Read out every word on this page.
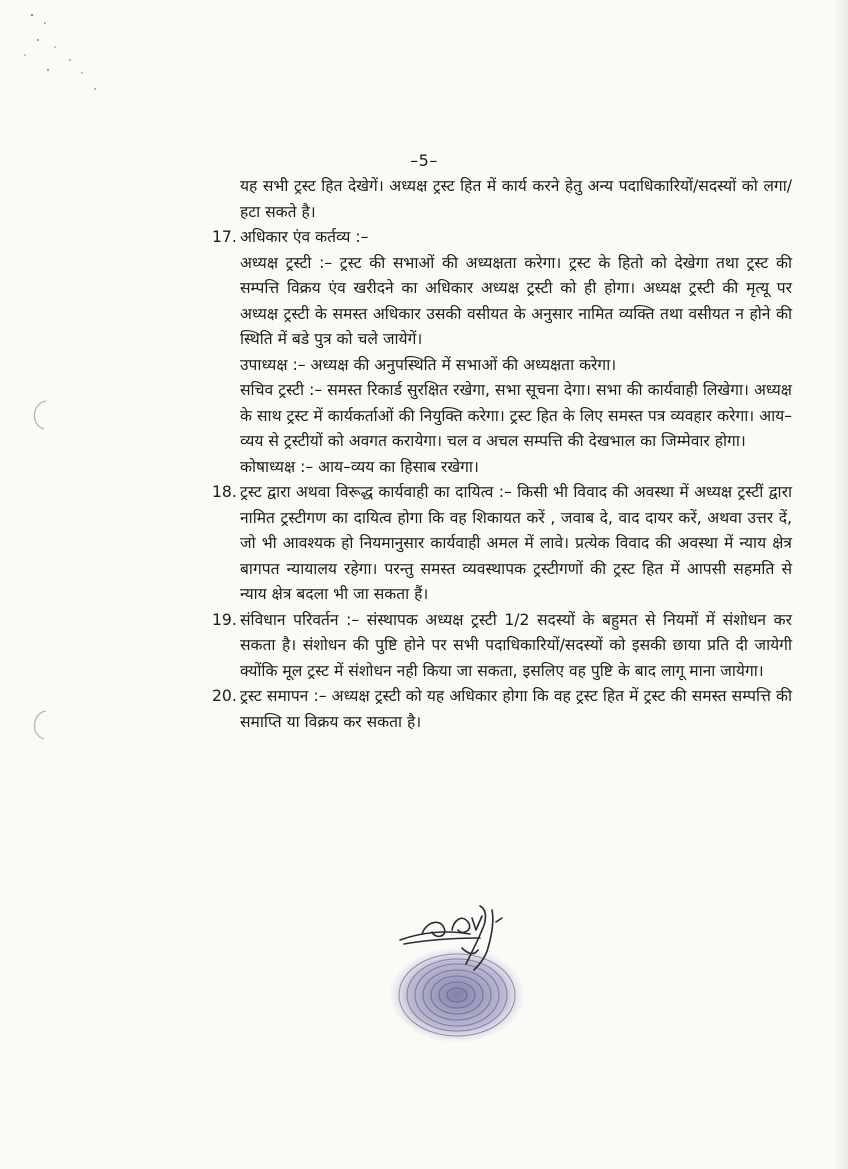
–5–

यह सभी ट्रस्ट हित देखेगें। अध्यक्ष ट्रस्ट हित में कार्य करने हेतु अन्य पदाधिकारियों/सदस्यों को लगा/हटा सकते है।

17. अधिकार एंव कर्तव्य :–
अध्यक्ष ट्रस्टी :– ट्रस्ट की सभाओं की अध्यक्षता करेगा। ट्रस्ट के हितो को देखेगा तथा ट्रस्ट की सम्पत्ति विक्रय एंव खरीदने का अधिकार अध्यक्ष ट्रस्टी को ही होगा। अध्यक्ष ट्रस्टी की मृत्यू पर अध्यक्ष ट्रस्टी के समस्त अधिकार उसकी वसीयत के अनुसार नामित व्यक्ति तथा वसीयत न होने की स्थिति में बडे पुत्र को चले जायेगें।
उपाध्यक्ष :– अध्यक्ष की अनुपस्थिति में सभाओं की अध्यक्षता करेगा।
सचिव ट्रस्टी :– समस्त रिकार्ड सुरक्षित रखेगा, सभा सूचना देगा। सभा की कार्यवाही लिखेगा। अध्यक्ष के साथ ट्रस्ट में कार्यकर्ताओं की नियुक्ति करेगा। ट्रस्ट हित के लिए समस्त पत्र व्यवहार करेगा। आय–व्यय से ट्रस्टीयों को अवगत करायेगा। चल व अचल सम्पत्ति की देखभाल का जिम्मेवार होगा।
कोषाध्यक्ष :– आय–व्यय का हिसाब रखेगा।
18. ट्रस्ट द्वारा अथवा विरूद्ध कार्यवाही का दायित्व :– किसी भी विवाद की अवस्था में अध्यक्ष ट्रस्टीं द्वारा नामित ट्रस्टीगण का दायित्व होगा कि वह शिकायत करें , जवाब दे, वाद दायर करें, अथवा उत्तर दें, जो भी आवश्यक हो नियमानुसार कार्यवाही अमल में लावे। प्रत्येक विवाद की अवस्था में न्याय क्षेत्र बागपत न्यायालय रहेगा। परन्तु समस्त व्यवस्थापक ट्रस्टीगणों की ट्रस्ट हित में आपसी सहमति से न्याय क्षेत्र बदला भी जा सकता हैं।
19. संविधान परिवर्तन :– संस्थापक अध्यक्ष ट्रस्टी 1/2 सदस्यों के बहुमत से नियमों में संशोधन कर सकता है। संशोधन की पुष्टि होने पर सभी पदाधिकारियों/सदस्यों को इसकी छाया प्रति दी जायेगी क्योंकि मूल ट्रस्ट में संशोधन नही किया जा सकता, इसलिए वह पुष्टि के बाद लागू माना जायेगा।
20. ट्रस्ट समापन :– अध्यक्ष ट्रस्टी को यह अधिकार होगा कि वह ट्रस्ट हित में ट्रस्ट की समस्त सम्पत्ति की समाप्ति या विक्रय कर सकता है।
